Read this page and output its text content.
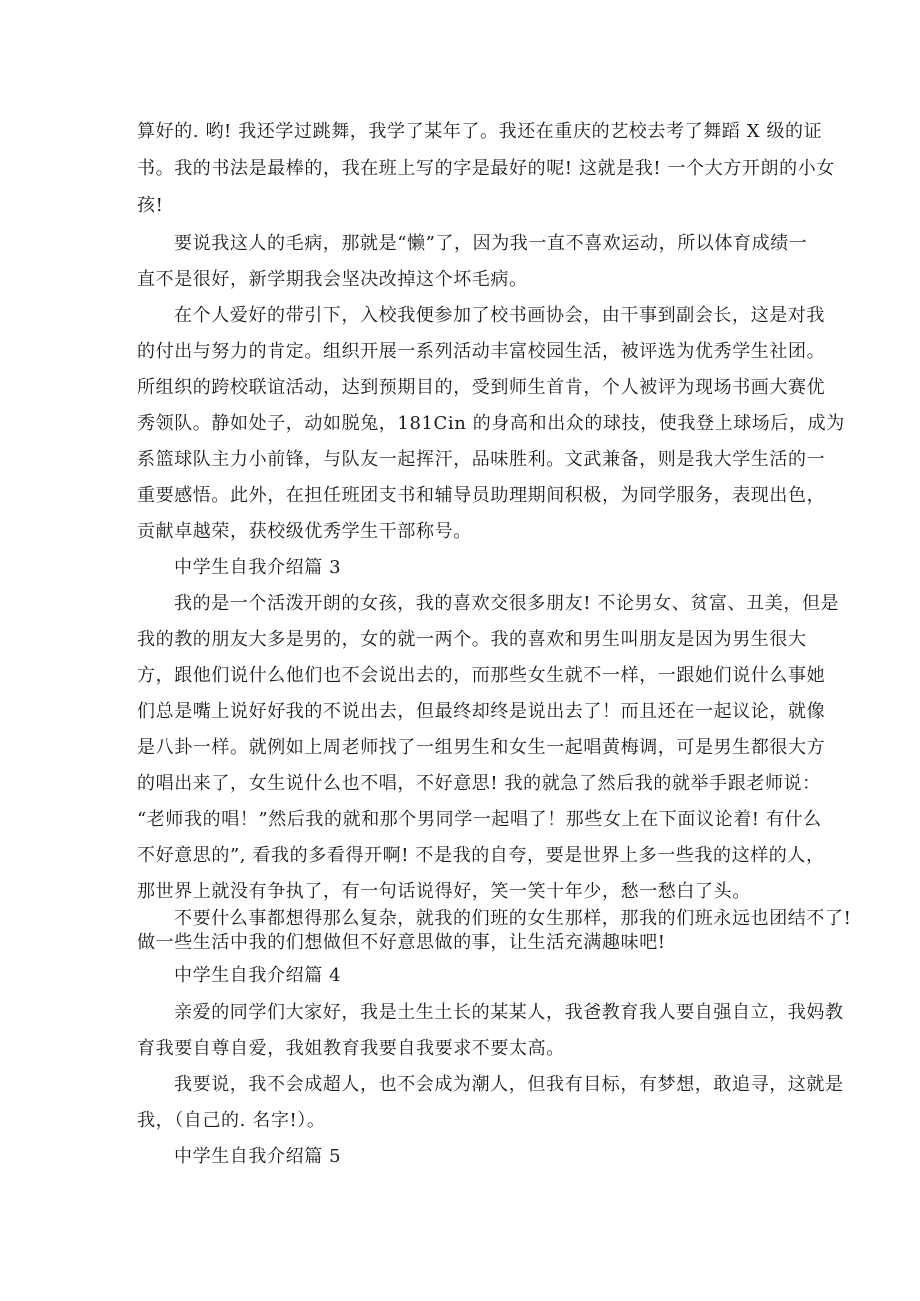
算好的. 哟! 我还学过跳舞，我学了某年了。我还在重庆的艺校去考了舞蹈 X 级的证
书。我的书法是最棒的，我在班上写的字是最好的呢! 这就是我! 一个大方开朗的小女
孩!
要说我这人的毛病，那就是“懒”了，因为我一直不喜欢运动，所以体育成绩一
直不是很好，新学期我会坚决改掉这个坏毛病。
在个人爱好的带引下，入校我便参加了校书画协会，由干事到副会长，这是对我
的付出与努力的肯定。组织开展一系列活动丰富校园生活，被评选为优秀学生社团。
所组织的跨校联谊活动，达到预期目的，受到师生首肯，个人被评为现场书画大赛优
秀领队。静如处子，动如脱兔，181Cin 的身高和出众的球技，使我登上球场后，成为
系篮球队主力小前锋，与队友一起挥汗，品味胜利。文武兼备，则是我大学生活的一
重要感悟。此外，在担任班团支书和辅导员助理期间积极，为同学服务，表现出色，
贡献卓越荣，获校级优秀学生干部称号。
中学生自我介绍篇 3
我的是一个活泼开朗的女孩，我的喜欢交很多朋友! 不论男女、贫富、丑美，但是
我的教的朋友大多是男的，女的就一两个。我的喜欢和男生叫朋友是因为男生很大
方，跟他们说什么他们也不会说出去的，而那些女生就不一样，一跟她们说什么事她
们总是嘴上说好好我的不说出去，但最终却终是说出去了！而且还在一起议论，就像
是八卦一样。就例如上周老师找了一组男生和女生一起唱黄梅调，可是男生都很大方
的唱出来了，女生说什么也不唱，不好意思! 我的就急了然后我的就举手跟老师说：
“老师我的唱！”然后我的就和那个男同学一起唱了！那些女上在下面议论着! 有什么
不好意思的”, 看我的多看得开啊! 不是我的自夸，要是世界上多一些我的这样的人，
那世界上就没有争执了，有一句话说得好，笑一笑十年少，愁一愁白了头。
不要什么事都想得那么复杂，就我的们班的女生那样，那我的们班永远也团结不了!
做一些生活中我的们想做但不好意思做的事，让生活充满趣味吧!
中学生自我介绍篇 4
亲爱的同学们大家好，我是土生土长的某某人，我爸教育我人要自强自立，我妈教
育我要自尊自爱，我姐教育我要自我要求不要太高。
我要说，我不会成超人，也不会成为潮人，但我有目标，有梦想，敢追寻，这就是
我，（自己的. 名字!）。
中学生自我介绍篇 5
